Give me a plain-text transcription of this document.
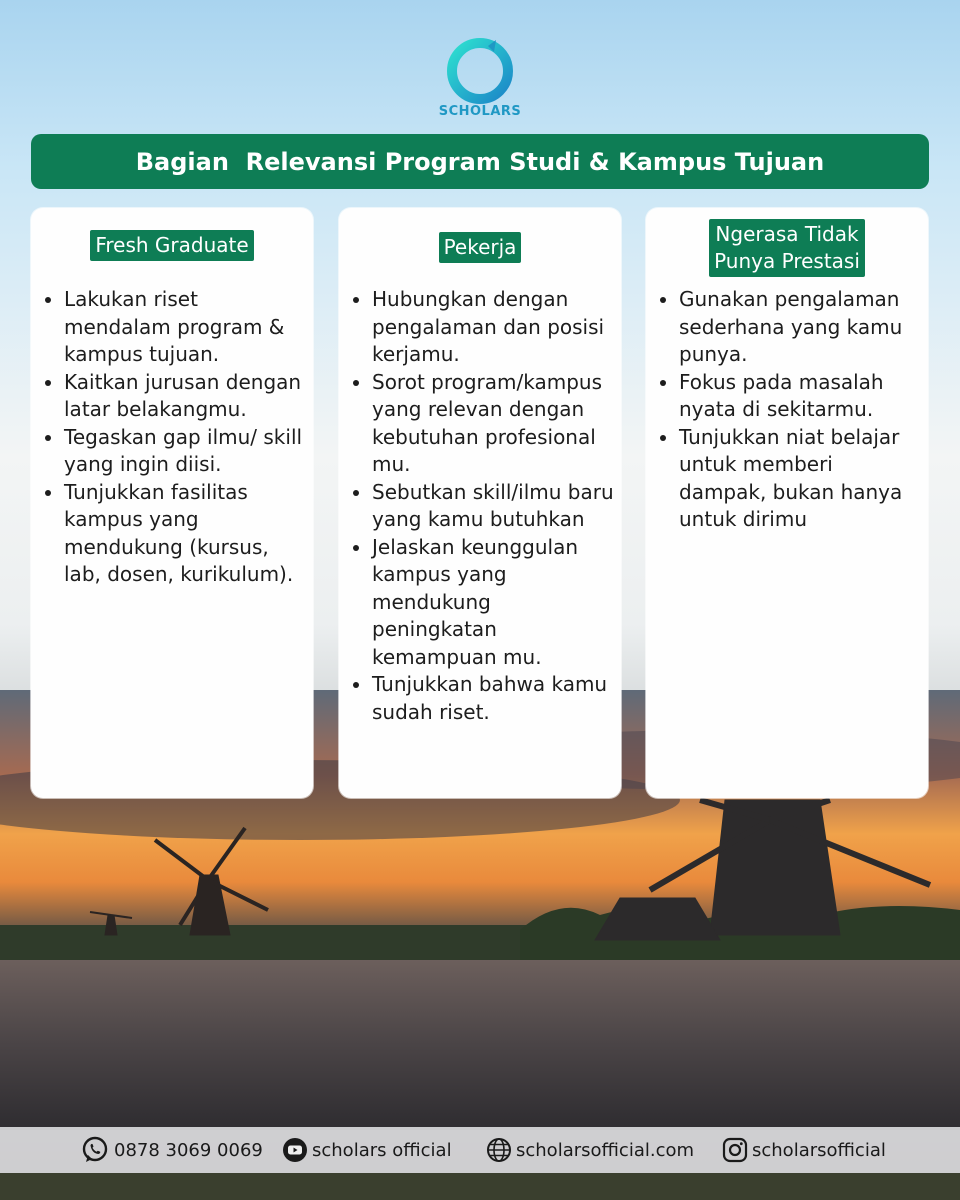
SCHOLARS
Bagian  Relevansi Program Studi & Kampus Tujuan
Fresh Graduate
Lakukan riset mendalam program & kampus tujuan.
Kaitkan jurusan dengan latar belakangmu.
Tegaskan gap ilmu/ skill yang ingin diisi.
Tunjukkan fasilitas kampus yang mendukung (kursus, lab, dosen, kurikulum).
Pekerja
Hubungkan dengan pengalaman dan posisi kerjamu.
Sorot program/kampus yang relevan dengan kebutuhan profesional mu.
Sebutkan skill/ilmu baru yang kamu butuhkan
Jelaskan keunggulan kampus yang mendukung peningkatan kemampuan mu.
Tunjukkan bahwa kamu sudah riset.
Ngerasa Tidak
Punya Prestasi
Gunakan pengalaman sederhana yang kamu punya.
Fokus pada masalah nyata di sekitarmu.
Tunjukkan niat belajar untuk memberi dampak, bukan hanya untuk dirimu
0878 3069 0069	scholars official	scholarsofficial.com	scholarsofficial
